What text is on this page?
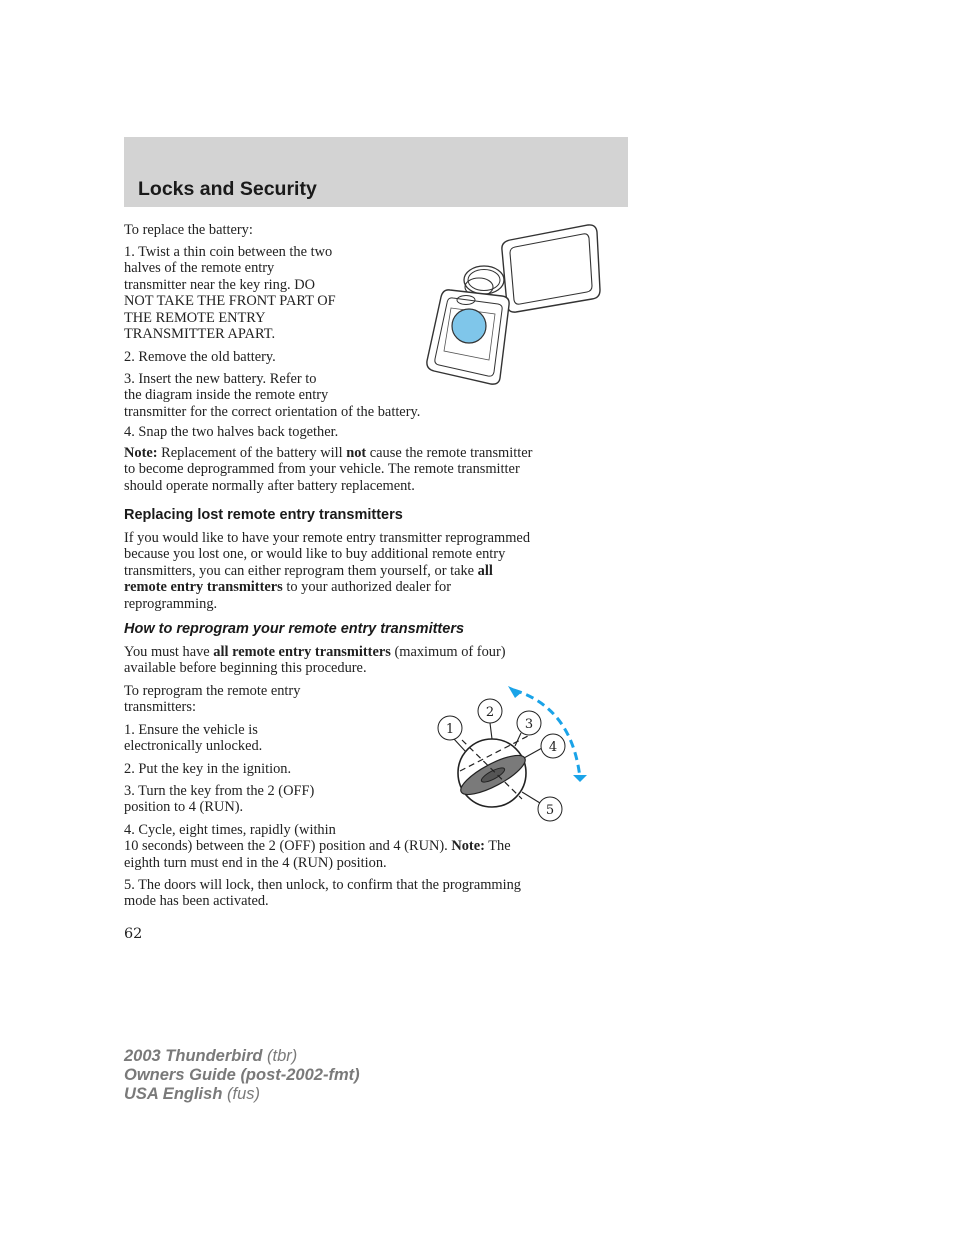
Locks and Security

To replace the battery:

1. Twist a thin coin between the two
halves of the remote entry
transmitter near the key ring. DO
NOT TAKE THE FRONT PART OF
THE REMOTE ENTRY
TRANSMITTER APART.

2. Remove the old battery.

3. Insert the new battery. Refer to
the diagram inside the remote entry
transmitter for the correct orientation of the battery.

4. Snap the two halves back together.

Note: Replacement of the battery will not cause the remote transmitter
to become deprogrammed from your vehicle. The remote transmitter
should operate normally after battery replacement.

Replacing lost remote entry transmitters

If you would like to have your remote entry transmitter reprogrammed
because you lost one, or would like to buy additional remote entry
transmitters, you can either reprogram them yourself, or take all
remote entry transmitters to your authorized dealer for
reprogramming.

How to reprogram your remote entry transmitters

You must have all remote entry transmitters (maximum of four)
available before beginning this procedure.

To reprogram the remote entry
transmitters:

1. Ensure the vehicle is
electronically unlocked.

2. Put the key in the ignition.

3. Turn the key from the 2 (OFF)
position to 4 (RUN).

4. Cycle, eight times, rapidly (within
10 seconds) between the 2 (OFF) position and 4 (RUN). Note: The
eighth turn must end in the 4 (RUN) position.

5. The doors will lock, then unlock, to confirm that the programming
mode has been activated.

1
2
3
4
5
62
2003 Thunderbird (tbr)
Owners Guide (post-2002-fmt)
USA English (fus)
